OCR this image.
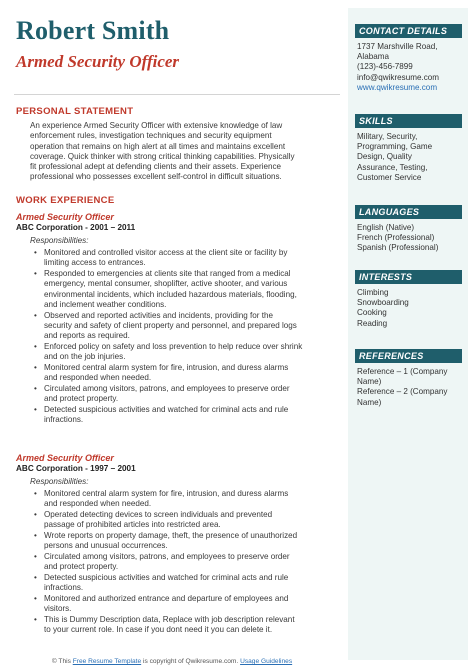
Robert Smith
Armed Security Officer
PERSONAL STATEMENT
An experience Armed Security Officer with extensive knowledge of law
enforcement rules, investigation techniques and security equipment
operation that remains on high alert at all times and maintains excellent
coverage. Quick thinker with strong critical thinking capabilities. Physically
fit professional adept at defending clients and their assets. Experience
professional who possesses excellent self-control in difficult situations.
WORK EXPERIENCE
Armed Security Officer
ABC Corporation - 2001 – 2011
Responsibilities:
• Monitored and controlled visitor access at the client site or facility by
limiting access to entrances.
• Responded to emergencies at clients site that ranged from a medical
emergency, mental consumer, shoplifter, active shooter, and various
environmental incidents, which included hazardous materials, flooding,
and inclement weather conditions.
• Observed and reported activities and incidents, providing for the
security and safety of client property and personnel, and prepared logs
and reports as required.
• Enforced policy on safety and loss prevention to help reduce over shrink
and on the job injuries.
• Monitored central alarm system for fire, intrusion, and duress alarms
and responded when needed.
• Circulated among visitors, patrons, and employees to preserve order
and protect property.
• Detected suspicious activities and watched for criminal acts and rule
infractions.
Armed Security Officer
ABC Corporation - 1997 – 2001
Responsibilities:
• Monitored central alarm system for fire, intrusion, and duress alarms
and responded when needed.
• Operated detecting devices to screen individuals and prevented
passage of prohibited articles into restricted area.
• Wrote reports on property damage, theft, the presence of unauthorized
persons and unusual occurrences.
• Circulated among visitors, patrons, and employees to preserve order
and protect property.
• Detected suspicious activities and watched for criminal acts and rule
infractions.
• Monitored and authorized entrance and departure of employees and
visitors.
• This is Dummy Description data, Replace with job description relevant
to your current role. In case if you dont need it you can delete it.
© This Free Resume Template is copyright of Qwikresume.com. Usage Guidelines
CONTACT DETAILS
1737 Marshville Road,
Alabama
(123)-456-7899
info@qwikresume.com
www.qwikresume.com
SKILLS
Military, Security,
Programming, Game
Design, Quality
Assurance, Testing,
Customer Service
LANGUAGES
English (Native)
French (Professional)
Spanish (Professional)
INTERESTS
Climbing
Snowboarding
Cooking
Reading
REFERENCES
Reference – 1 (Company
Name)
Reference – 2 (Company
Name)
